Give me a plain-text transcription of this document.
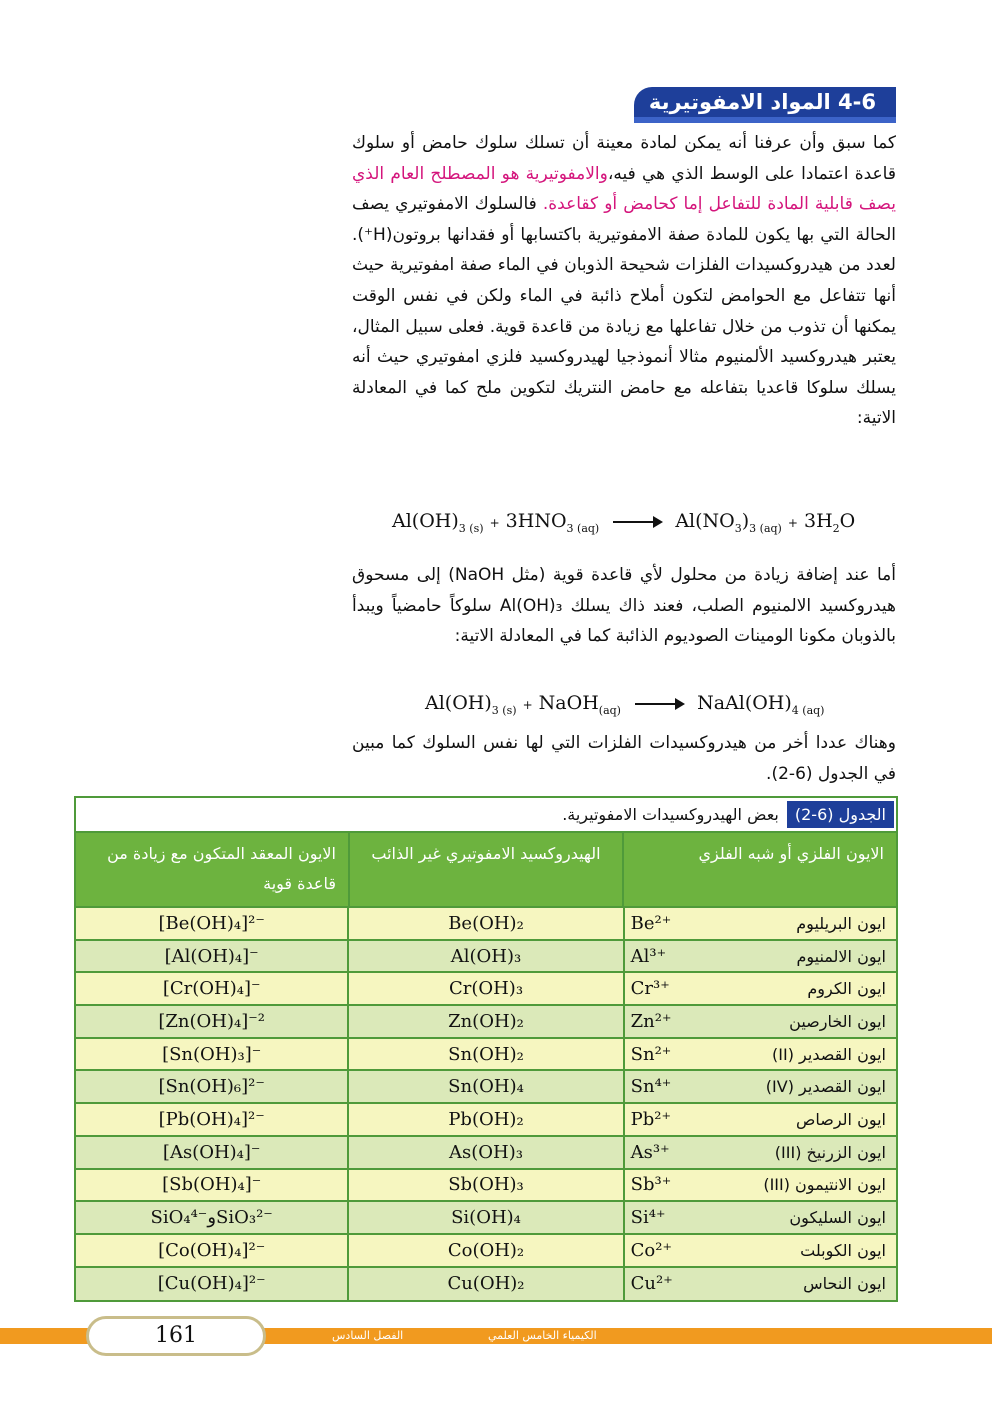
4-6 المواد الامفوتيرية

كما سبق وأن عرفنا أنه يمكن لمادة معينة أن تسلك سلوك حامض أو سلوك قاعدة اعتمادا على الوسط الذي هي فيه،والامفوتيرية هو المصطلح العام الذي يصف قابلية المادة للتفاعل إما كحامض أو كقاعدة. فالسلوك الامفوتيري يصف الحالة التي بها يكون للمادة صفة الامفوتيرية باكتسابها أو فقدانها بروتون(H⁺). لعدد من هيدروكسيدات الفلزات شحيحة الذوبان في الماء صفة امفوتيرية حيث أنها تتفاعل مع الحوامض لتكون أملاح ذائبة في الماء ولكن في نفس الوقت يمكنها أن تذوب من خلال تفاعلها مع زيادة من قاعدة قوية. فعلى سبيل المثال، يعتبر هيدروكسيد الألمنيوم مثالا أنموذجيا لهيدروكسيد فلزي امفوتيري حيث أنه يسلك سلوكا قاعديا بتفاعله مع حامض النتريك لتكوين ملح كما في المعادلة الاتية:

$Al(OH)_{3 (s)} + 3HNO_{3 (aq)} \to Al(NO_3)_{3 (aq)} + 3H_2O$

أما عند إضافة زيادة من محلول لأي قاعدة قوية (مثل NaOH) إلى مسحوق هيدروكسيد الالمنيوم الصلب، فعند ذاك يسلك Al(OH)₃ سلوكاً حامضياً ويبدأ بالذوبان مكونا الومينات الصوديوم الذائبة كما في المعادلة الاتية:

$Al(OH)_{3 (s)}$ + NaOH$_{(aq)}$ → $NaAl(OH)_{4 (aq)}$

وهناك عددا أخر من هيدروكسيدات الفلزات التي لها نفس السلوك كما مبين في الجدول (6-2).

الجدول (6-2)
بعض الهيدروكسيدات الامفوتيرية.
الايون الفلزي أو شبه الفلزي
الهيدروكسيد الامفوتيري غير الذائب
الايون المعقد المتكون مع زيادة من قاعدة قوية
ايون البريليوم
Be²⁺
Be(OH)₂
[Be(OH)₄]²⁻
ايون الالمنيوم
Al³⁺
Al(OH)₃
[Al(OH)₄]⁻
ايون الكروم
Cr³⁺
Cr(OH)₃
[Cr(OH)₄]⁻
ايون الخارصين
Zn²⁺
Zn(OH)₂
[Zn(OH)₄]⁻²
ايون القصدير (II)
Sn²⁺
Sn(OH)₂
[Sn(OH)₃]⁻
ايون القصدير (IV)
Sn⁴⁺
Sn(OH)₄
[Sn(OH)₆]²⁻
ايون الرصاص
Pb²⁺
Pb(OH)₂
[Pb(OH)₄]²⁻
ايون الزرنيخ (III)
As³⁺
As(OH)₃
[As(OH)₄]⁻
ايون الانتيمون (III)
Sb³⁺
Sb(OH)₃
[Sb(OH)₄]⁻
ايون السليكون
Si⁴⁺
Si(OH)₄
SiO₄⁴⁻وSiO₃²⁻
ايون الكوبلت
Co²⁺
Co(OH)₂
[Co(OH)₄]²⁻
ايون النحاس
Cu²⁺
Cu(OH)₂
[Cu(OH)₄]²⁻
161	الكيمياء الخامس العلمي
الفصل السادس
